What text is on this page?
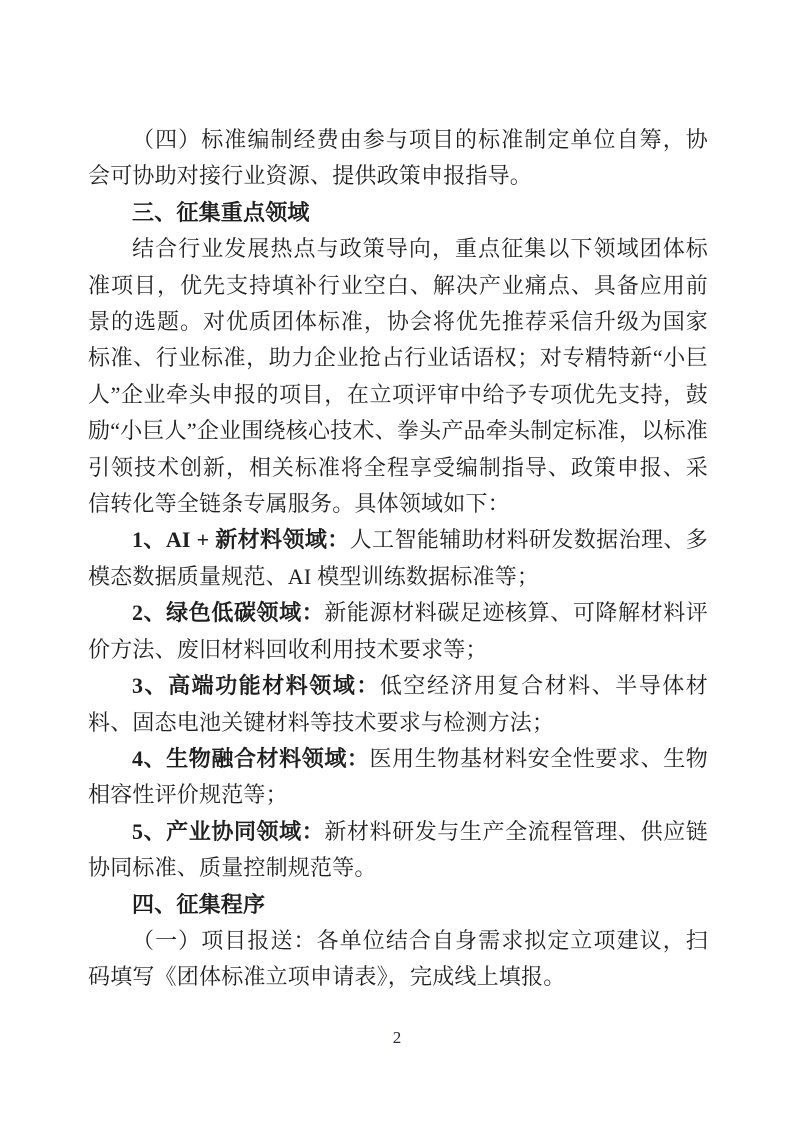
（四）标准编制经费由参与项目的标准制定单位自筹，协会可协助对接行业资源、提供政策申报指导。

三、征集重点领域

结合行业发展热点与政策导向，重点征集以下领域团体标准项目，优先支持填补行业空白、解决产业痛点、具备应用前景的选题。对优质团体标准，协会将优先推荐采信升级为国家标准、行业标准，助力企业抢占行业话语权；对专精特新“小巨人”企业牵头申报的项目，在立项评审中给予专项优先支持，鼓励“小巨人”企业围绕核心技术、拳头产品牵头制定标准，以标准引领技术创新，相关标准将全程享受编制指导、政策申报、采信转化等全链条专属服务。具体领域如下：

1、AI + 新材料领域：人工智能辅助材料研发数据治理、多模态数据质量规范、AI 模型训练数据标准等；

2、绿色低碳领域：新能源材料碳足迹核算、可降解材料评价方法、废旧材料回收利用技术要求等；

3、高端功能材料领域：低空经济用复合材料、半导体材料、固态电池关键材料等技术要求与检测方法；

4、生物融合材料领域：医用生物基材料安全性要求、生物相容性评价规范等；

5、产业协同领域：新材料研发与生产全流程管理、供应链协同标准、质量控制规范等。

四、征集程序

（一）项目报送：各单位结合自身需求拟定立项建议，扫码填写《团体标准立项申请表》，完成线上填报。

2
